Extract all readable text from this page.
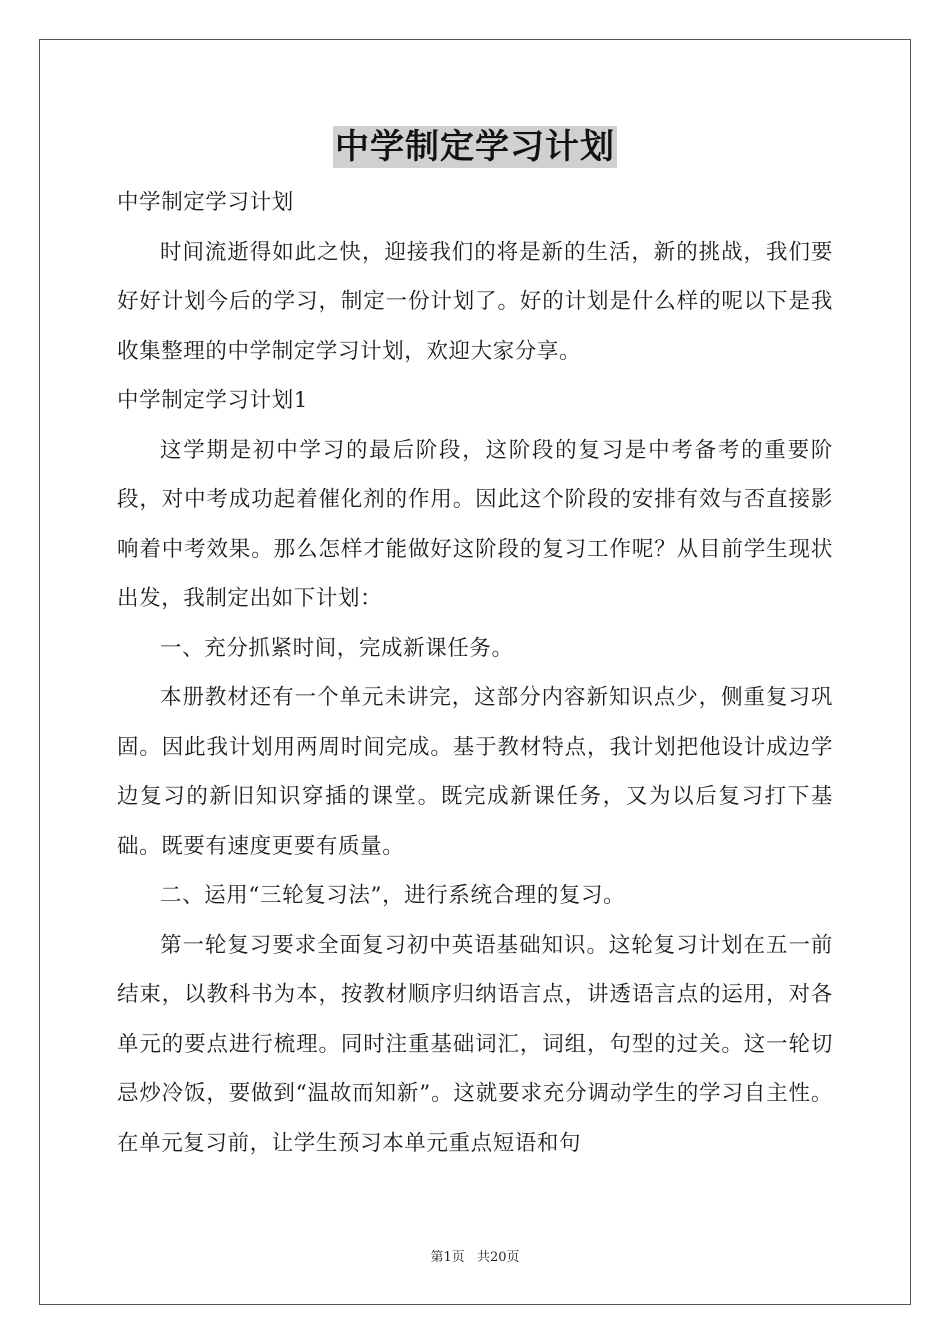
中学制定学习计划

中学制定学习计划

时间流逝得如此之快，迎接我们的将是新的生活，新的挑战，我们要好好计划今后的学习，制定一份计划了。好的计划是什么样的呢以下是我收集整理的中学制定学习计划，欢迎大家分享。

中学制定学习计划1

这学期是初中学习的最后阶段，这阶段的复习是中考备考的重要阶段，对中考成功起着催化剂的作用。因此这个阶段的安排有效与否直接影响着中考效果。那么怎样才能做好这阶段的复习工作呢？从目前学生现状出发，我制定出如下计划：

一、充分抓紧时间，完成新课任务。

本册教材还有一个单元未讲完，这部分内容新知识点少，侧重复习巩固。因此我计划用两周时间完成。基于教材特点，我计划把他设计成边学边复习的新旧知识穿插的课堂。既完成新课任务，又为以后复习打下基础。既要有速度更要有质量。

二、运用“三轮复习法”，进行系统合理的复习。

第一轮复习要求全面复习初中英语基础知识。这轮复习计划在五一前结束，以教科书为本，按教材顺序归纳语言点，讲透语言点的运用，对各单元的要点进行梳理。同时注重基础词汇，词组，句型的过关。这一轮切忌炒冷饭，要做到“温故而知新”。这就要求充分调动学生的学习自主性。在单元复习前，让学生预习本单元重点短语和句

第1页 共20页
